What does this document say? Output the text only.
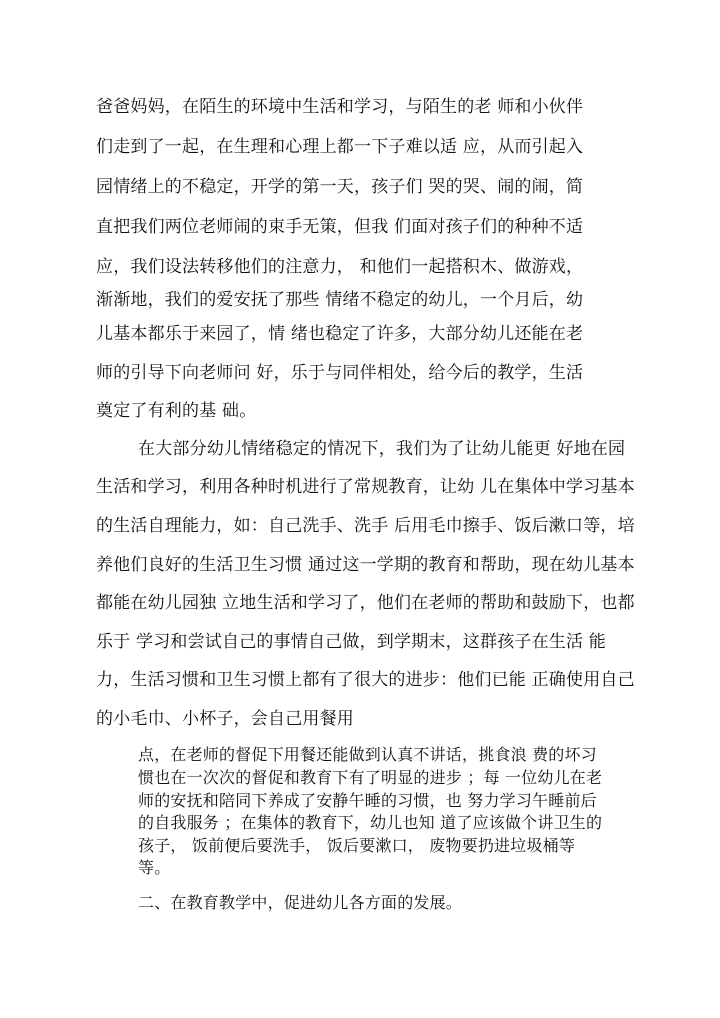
爸爸妈妈，在陌生的环境中生活和学习，与陌生的老 师和小伙伴
们走到了一起，在生理和心理上都一下子难以适 应，从而引起入
园情绪上的不稳定，开学的第一天，孩子们 哭的哭、闹的闹，简
直把我们两位老师闹的束手无策，但我 们面对孩子们的种种不适
应，我们设法转移他们的注意力， 和他们一起搭积木、做游戏，
渐渐地，我们的爱安抚了那些 情绪不稳定的幼儿，一个月后，幼
儿基本都乐于来园了，情 绪也稳定了许多，大部分幼儿还能在老
师的引导下向老师问 好，乐于与同伴相处，给今后的教学，生活
奠定了有利的基 础。
在大部分幼儿情绪稳定的情况下，我们为了让幼儿能更 好地在园
生活和学习，利用各种时机进行了常规教育，让幼 儿在集体中学习基本
的生活自理能力，如：自己洗手、洗手 后用毛巾擦手、饭后漱口等，培
养他们良好的生活卫生习惯 通过这一学期的教育和帮助，现在幼儿基本
都能在幼儿园独 立地生活和学习了，他们在老师的帮助和鼓励下，也都
乐于 学习和尝试自己的事情自己做，到学期末，这群孩子在生活 能
力，生活习惯和卫生习惯上都有了很大的进步：他们已能 正确使用自己
的小毛巾、小杯子，会自己用餐用
点，在老师的督促下用餐还能做到认真不讲话，挑食浪 费的坏习
惯也在一次次的督促和教育下有了明显的进步 ；每 一位幼儿在老
师的安抚和陪同下养成了安静午睡的习惯，也 努力学习午睡前后
的自我服务 ；在集体的教育下，幼儿也知 道了应该做个讲卫生的
孩子， 饭前便后要洗手， 饭后要漱口， 废物要扔进垃圾桶等
等。
二、在教育教学中，促进幼儿各方面的发展。
